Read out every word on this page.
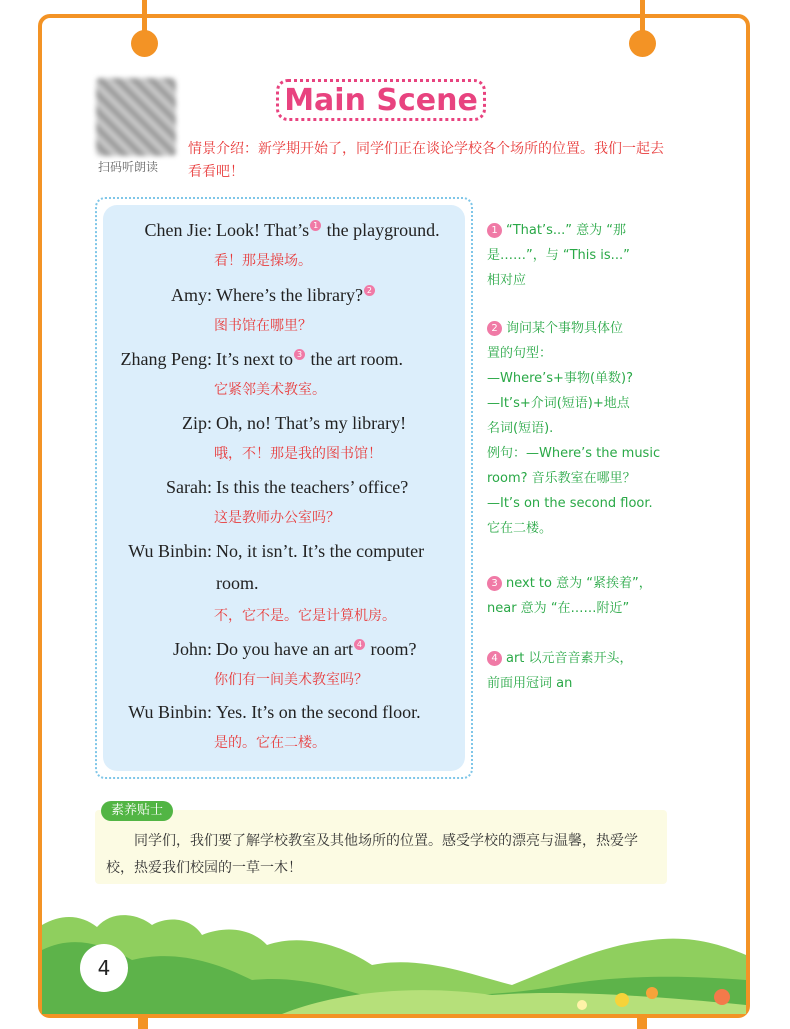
扫码听朗读
Main Scene
情景介绍：新学期开始了，同学们正在谈论学校各个场所的位置。我们一起去看看吧！
Chen Jie: Look! That’s 1 the playground.
看！那是操场。
Amy: Where’s the library? 2
图书馆在哪里？
Zhang Peng: It’s next to 3 the art room.
它紧邻美术教室。
Zip: Oh, no! That’s my library!
哦，不！那是我的图书馆！
Sarah: Is this the teachers’ office?
这是教师办公室吗？
Wu Binbin: No, it isn’t. It’s the computer
room.
不，它不是。它是计算机房。
John: Do you have an art 4 room?
你们有一间美术教室吗？
Wu Binbin: Yes. It’s on the second floor.
是的。它在二楼。
1 “That’s...” 意为 “那
是……”，与 “This is...”
相对应
2 询问某个事物具体位
置的句型：
—Where’s+事物(单数)?
—It’s+介词(短语)+地点
名词(短语).
例句：—Where’s the music
room? 音乐教室在哪里？
—It’s on the second floor.
它在二楼。
3 next to 意为 “紧挨着”，
near 意为 “在……附近”
4 art 以元音音素开头，
前面用冠词 an
素养贴士
同学们，我们要了解学校教室及其他场所的位置。感受学校的漂亮与温馨，热爱学校，热爱我们校园的一草一木！
4
